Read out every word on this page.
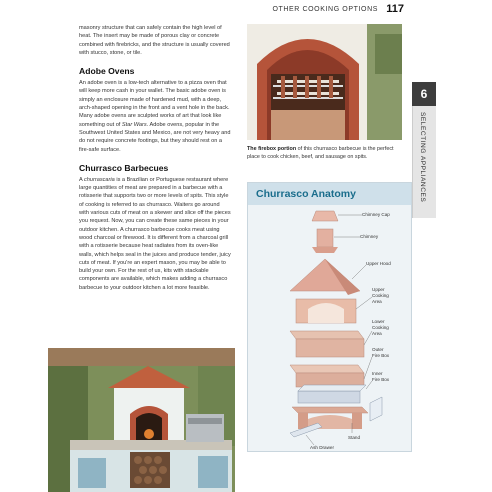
OTHER COOKING OPTIONS 117

masonry structure that can safely contain the high level of heat. The insert may be made of porous clay or concrete combined with firebricks, and the structure is usually covered with stucco, stone, or tile.

Adobe Ovens

An adobe oven is a low-tech alternative to a pizza oven that will keep more cash in your wallet. The basic adobe oven is simply an enclosure made of hardened mud, with a deep, arch-shaped opening in the front and a vent hole in the back. Many adobe ovens are sculpted works of art that look like something out of Star Wars. Adobe ovens, popular in the Southwest United States and Mexico, are not very heavy and do not require concrete footings, but they should rest on a fire-safe surface.

Churrasco Barbecues

A churrascaria is a Brazilian or Portuguese restaurant where large quantities of meat are prepared in a barbecue with a rotisserie that supports two or more levels of spits. This style of cooking is referred to as churrasco. Waiters go around with various cuts of meat on a skewer and slice off the pieces you request. Now, you can create these same pieces in your outdoor kitchen. A churrasco barbecue cooks meat using wood charcoal or firewood. It is different from a charcoal grill with a rotisserie because heat radiates from its oven-like walls, which helps seal in the juices and produce tender, juicy cuts of meat. If you're an expert mason, you may be able to build your own. For the rest of us, kits with stackable components are available, which makes adding a churrasco barbecue to your outdoor kitchen a lot more feasible.

The firebox portion of this churrasco barbecue is the perfect place to cook chicken, beef, and sausage on spits.
6
SELECTING APPLIANCES
Churrasco Anatomy
Chimney Cap
Chimney
Upper Hood
Upper
Cooking
Area
Lower
Cooking
Area
Outer
Fire Box
Inner
Fire Box
Stand
Ash Drawer
